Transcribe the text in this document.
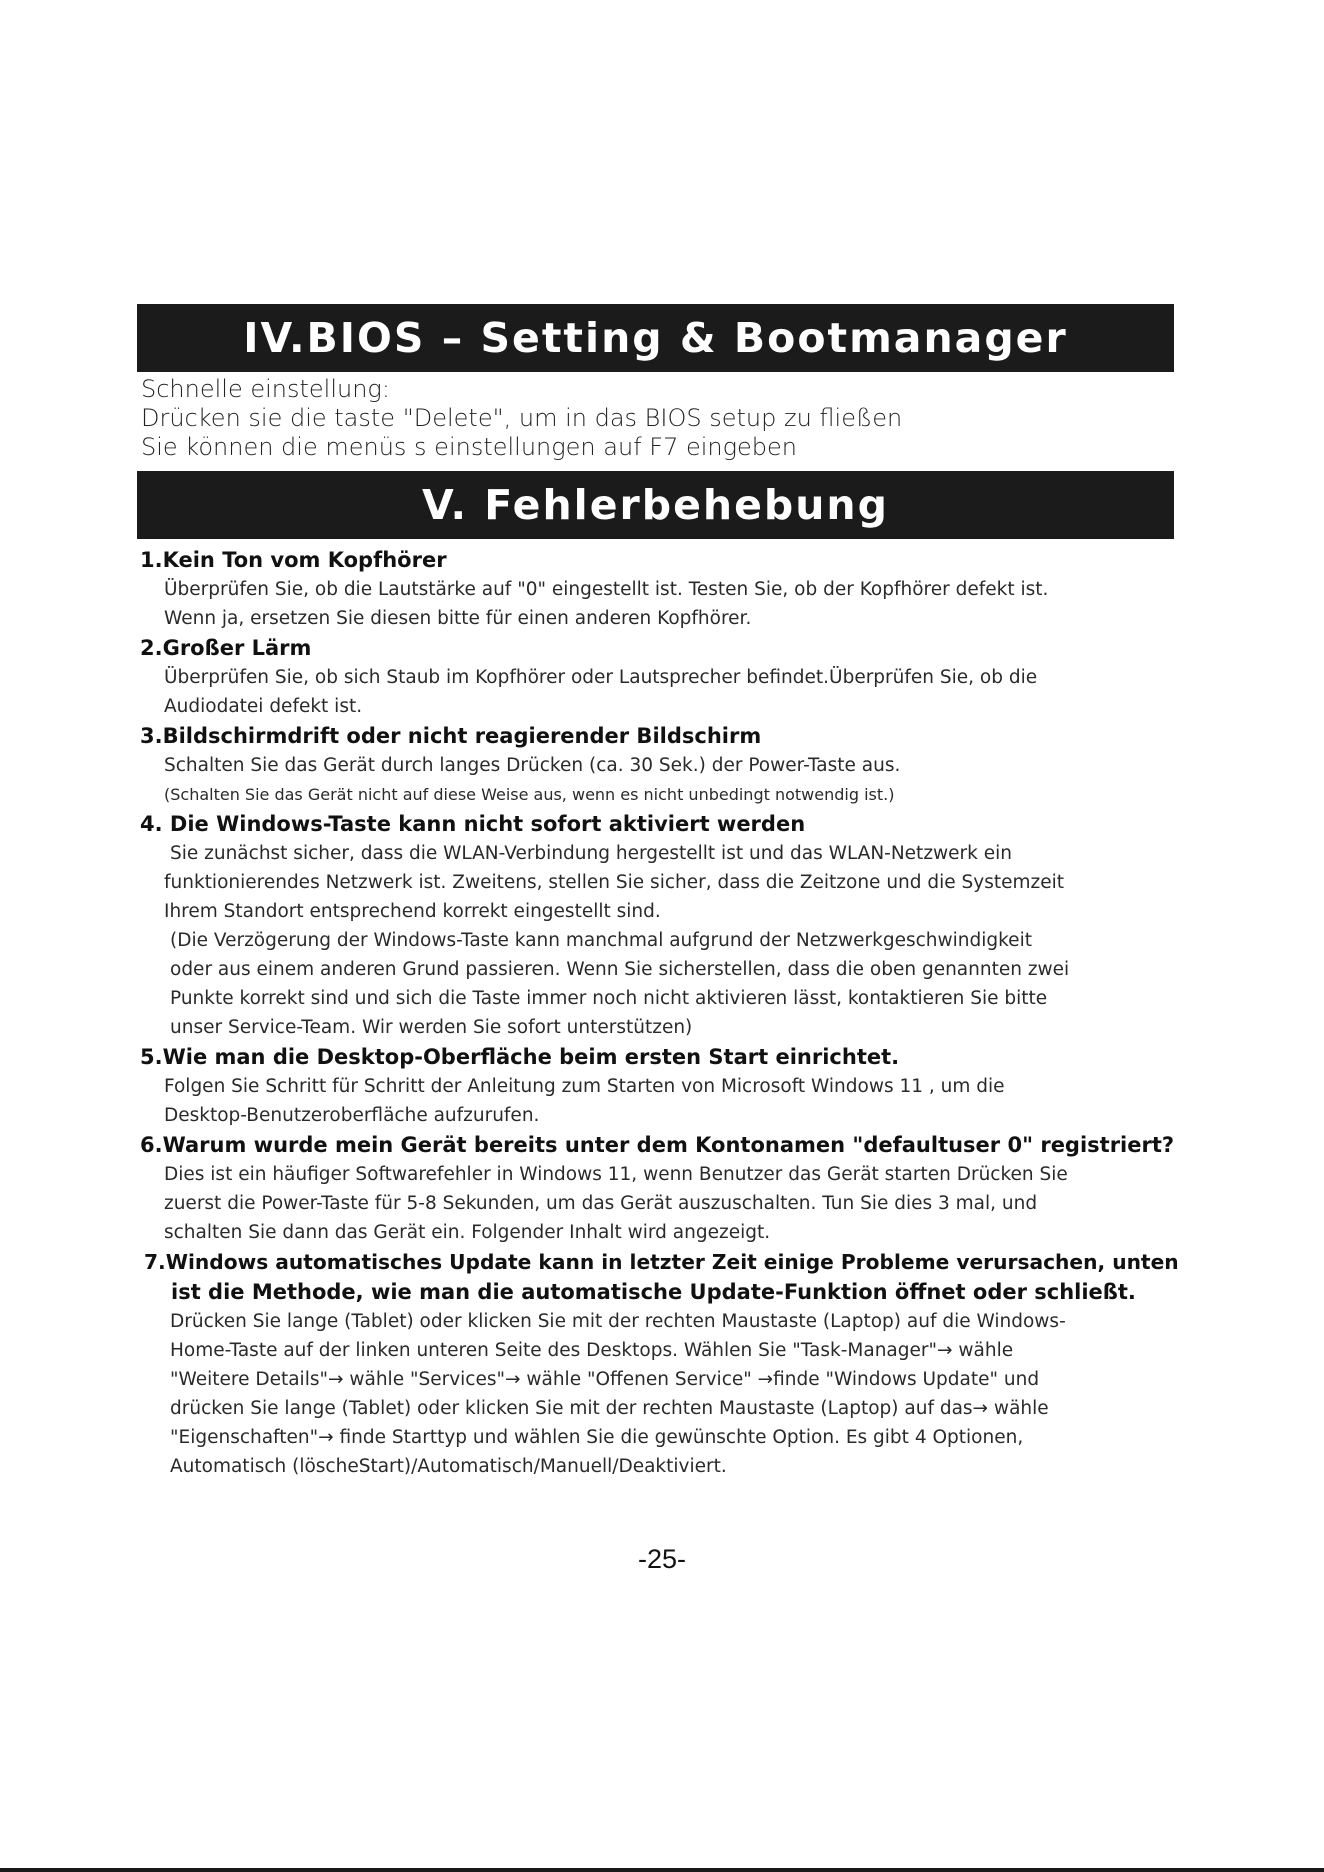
IV.BIOS – Setting & Bootmanager
Schnelle einstellung:
Drücken sie die taste "Delete", um in das BIOS setup zu fließen
Sie können die menüs s einstellungen auf F7 eingeben
V. Fehlerbehebung
1.Kein Ton vom Kopfhörer
Überprüfen Sie, ob die Lautstärke auf "0" eingestellt ist. Testen Sie, ob der Kopfhörer defekt ist.
Wenn ja, ersetzen Sie diesen bitte für einen anderen Kopfhörer.
2.Großer Lärm
Überprüfen Sie, ob sich Staub im Kopfhörer oder Lautsprecher befindet.Überprüfen Sie, ob die
Audiodatei defekt ist.
3.Bildschirmdrift oder nicht reagierender Bildschirm
Schalten Sie das Gerät durch langes Drücken (ca. 30 Sek.) der Power-Taste aus.
(Schalten Sie das Gerät nicht auf diese Weise aus, wenn es nicht unbedingt notwendig ist.)
4. Die Windows-Taste kann nicht sofort aktiviert werden
Sie zunächst sicher, dass die WLAN-Verbindung hergestellt ist und das WLAN-Netzwerk ein
funktionierendes Netzwerk ist. Zweitens, stellen Sie sicher, dass die Zeitzone und die Systemzeit
Ihrem Standort entsprechend korrekt eingestellt sind.
(Die Verzögerung der Windows-Taste kann manchmal aufgrund der Netzwerkgeschwindigkeit
oder aus einem anderen Grund passieren. Wenn Sie sicherstellen, dass die oben genannten zwei
Punkte korrekt sind und sich die Taste immer noch nicht aktivieren lässt, kontaktieren Sie bitte
unser Service-Team. Wir werden Sie sofort unterstützen)
5.Wie man die Desktop-Oberfläche beim ersten Start einrichtet.
Folgen Sie Schritt für Schritt der Anleitung zum Starten von Microsoft Windows 11 , um die
Desktop-Benutzeroberfläche aufzurufen.
6.Warum wurde mein Gerät bereits unter dem Kontonamen "defaultuser 0" registriert?
Dies ist ein häufiger Softwarefehler in Windows 11, wenn Benutzer das Gerät starten Drücken Sie
zuerst die Power-Taste für 5-8 Sekunden, um das Gerät auszuschalten. Tun Sie dies 3 mal, und
schalten Sie dann das Gerät ein. Folgender Inhalt wird angezeigt.
7.Windows automatisches Update kann in letzter Zeit einige Probleme verursachen, unten
ist die Methode, wie man die automatische Update-Funktion öffnet oder schließt.
Drücken Sie lange (Tablet) oder klicken Sie mit der rechten Maustaste (Laptop) auf die Windows-
Home-Taste auf der linken unteren Seite des Desktops. Wählen Sie "Task-Manager"→ wähle
"Weitere Details"→ wähle "Services"→ wähle "Offenen Service" →finde "Windows Update" und
drücken Sie lange (Tablet) oder klicken Sie mit der rechten Maustaste (Laptop) auf das→ wähle
"Eigenschaften"→ finde Starttyp und wählen Sie die gewünschte Option. Es gibt 4 Optionen,
Automatisch (löscheStart)/Automatisch/Manuell/Deaktiviert.
-25-
